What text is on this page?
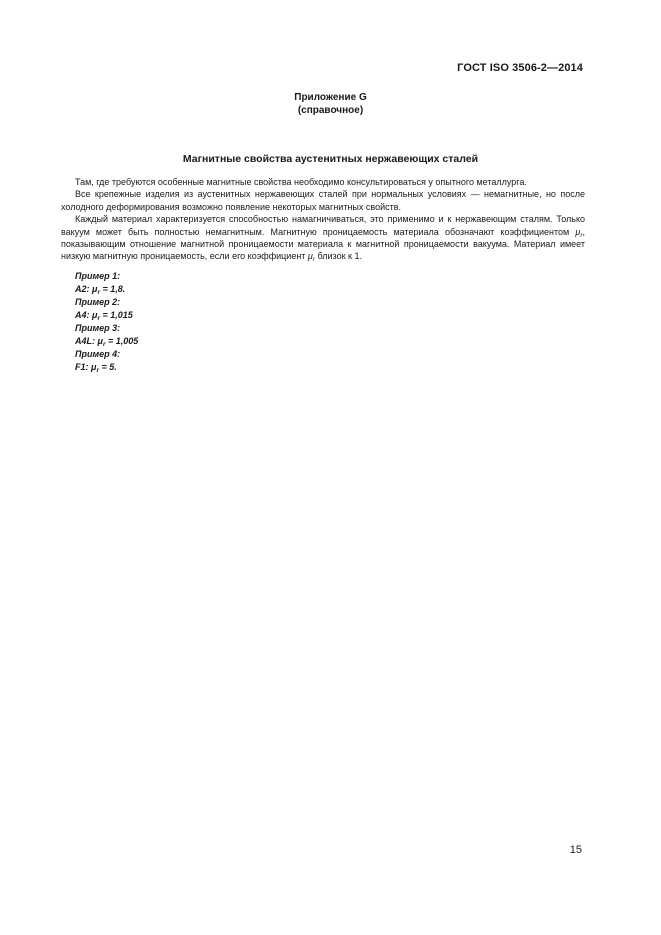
ГОСТ ISO 3506-2—2014
Приложение G
(справочное)
Магнитные свойства аустенитных нержавеющих сталей

Там, где требуются особенные магнитные свойства необходимо консультироваться у опытного металлурга.

Все крепежные изделия из аустенитных нержавеющих сталей при нормальных условиях — немагнитные, но после холодного деформирования возможно появление некоторых магнитных свойств.

Каждый материал характеризуется способностью намагничиваться, это применимо и к нержавеющим сталям. Только вакуум может быть полностью немагнитным. Магнитную проницаемость материала обозначают коэффициентом $\mu_r$, показывающим отношение магнитной проницаемости материала к магнитной проницаемости вакуума. Материал имеет низкую магнитную проницаемость, если его коэффициент $\mu_r$ близок к 1.

Пример 1:
A2: $\mu_r = 1,8$.
Пример 2:
A4: $\mu_r = 1,015$
Пример 3:
A4L: $\mu_r = 1,005$
Пример 4:
F1: $\mu_r = 5$.
15
